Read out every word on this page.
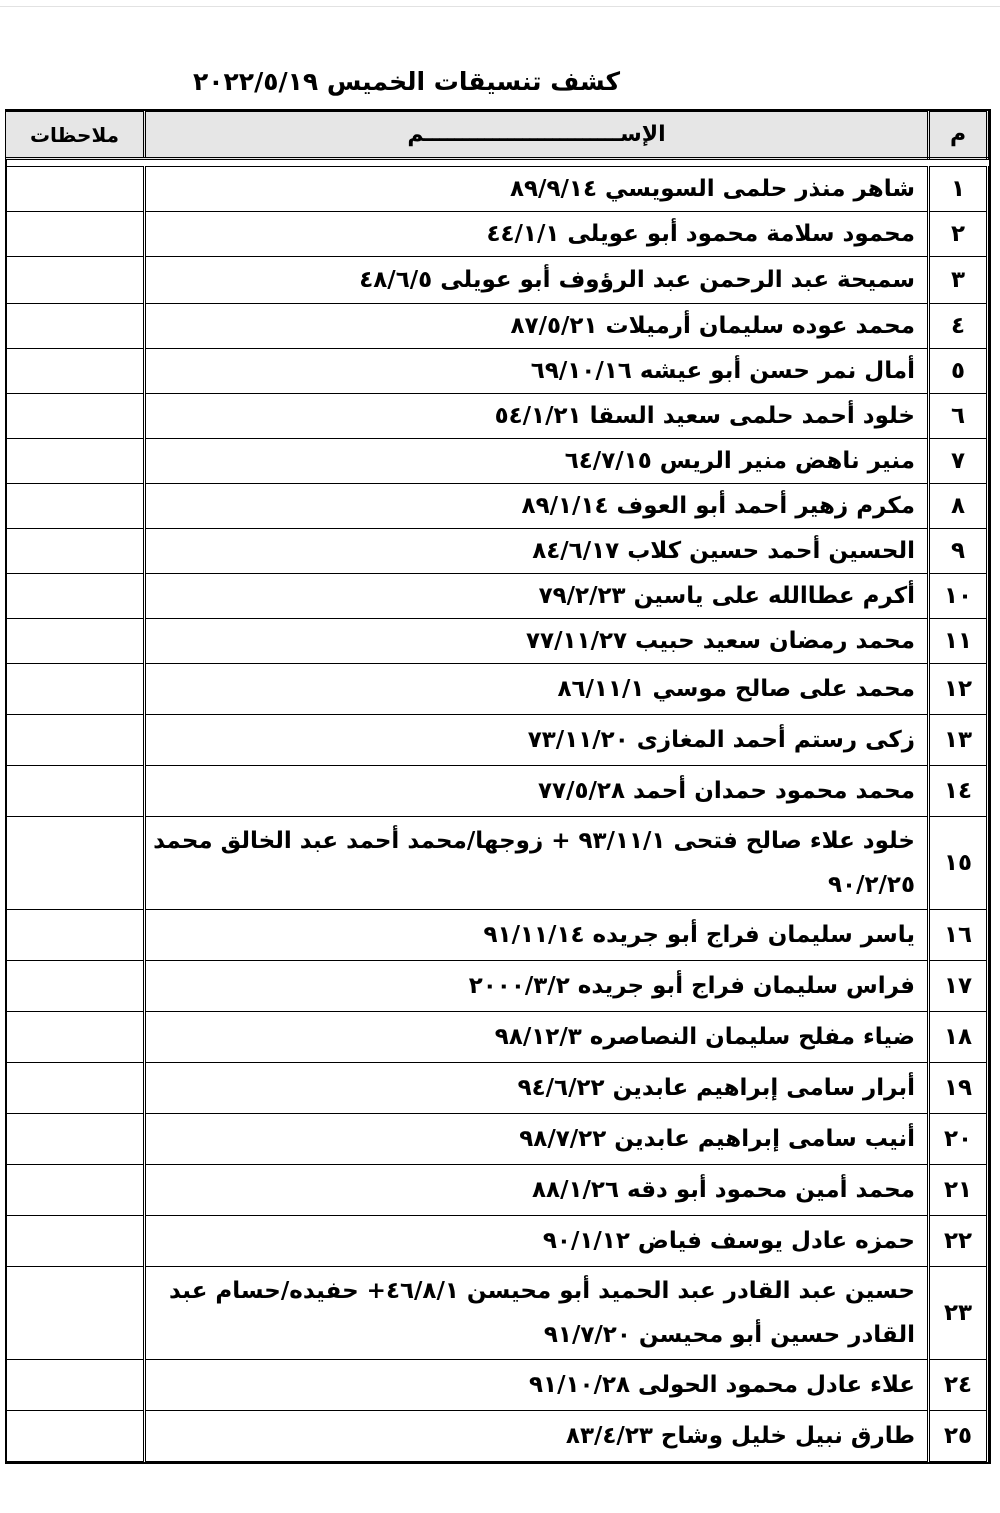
كشف تنسيقات الخميس ٢٠٢٢/٥/١٩
م	الإســــــــــــــــــــــــــم	ملاحظات

١	شاهر منذر حلمى السويسي ٨٩/٩/١٤	
٢	محمود سلامة محمود أبو عويلى ٤٤/١/١	
٣	سميحة عبد الرحمن عبد الرؤوف أبو عويلى ٤٨/٦/٥	
٤	محمد عوده سليمان أرميلات ٨٧/٥/٢١	
٥	أمال نمر حسن أبو عيشه ٦٩/١٠/١٦	
٦	خلود أحمد حلمى سعيد السقا ٥٤/١/٢١	
٧	منير ناهض منير الريس ٦٤/٧/١٥	
٨	مكرم زهير أحمد أبو العوف ٨٩/١/١٤	
٩	الحسين أحمد حسين كلاب ٨٤/٦/١٧	
١٠	أكرم عطاالله على ياسين ٧٩/٢/٢٣	
١١	محمد رمضان سعيد حبيب ٧٧/١١/٢٧	
١٢	محمد على صالح موسي ٨٦/١١/١	
١٣	زكى رستم أحمد المغازى ٧٣/١١/٢٠	
١٤	محمد محمود حمدان أحمد ٧٧/٥/٢٨	
١٥	خلود علاء صالح فتحى ٩٣/١١/١ + زوجها/محمد أحمد عبد الخالق محمد ٩٠/٢/٢٥	
١٦	ياسر سليمان فراج أبو جريده ٩١/١١/١٤	
١٧	فراس سليمان فراج أبو جريده ٢٠٠٠/٣/٢	
١٨	ضياء مفلح سليمان النصاصره ٩٨/١٢/٣	
١٩	أبرار سامى إبراهيم عابدين ٩٤/٦/٢٢	
٢٠	أنيب سامى إبراهيم عابدين ٩٨/٧/٢٢	
٢١	محمد أمين محمود أبو دقه ٨٨/١/٢٦	
٢٢	حمزه عادل يوسف فياض ٩٠/١/١٢	
٢٣	حسين عبد القادر عبد الحميد أبو محيسن ٤٦/٨/١+ حفيده/حسام عبد القادر حسين أبو محيسن ٩١/٧/٢٠	
٢٤	علاء عادل محمود الحولى ٩١/١٠/٢٨	
٢٥	طارق نبيل خليل وشاح ٨٣/٤/٢٣	
